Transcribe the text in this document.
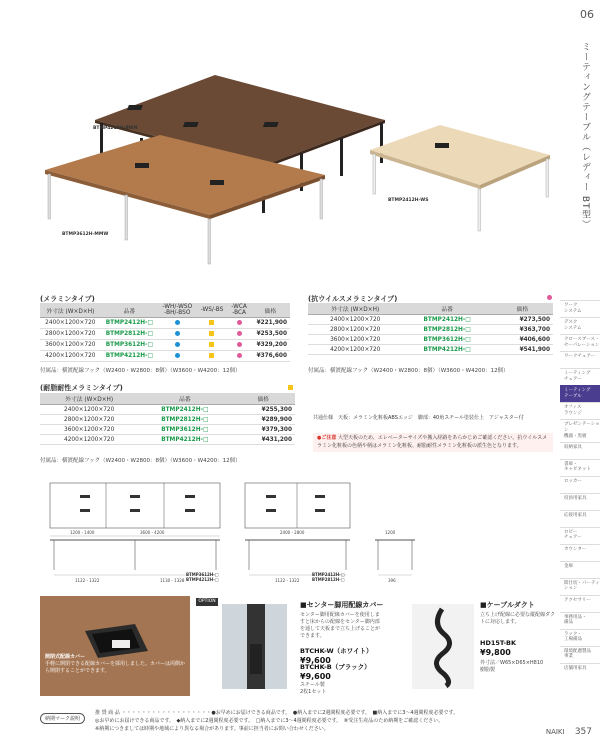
06
ミーティングテーブル（レディー BT型）
BTMP4212H-BWN
BTMP3612H-MMW
BTMP2412H-WS
ワーク
システム
デスク
システム
クロースブース・
セーパレーション
ワークチェアー
ミーティング
チェアー
ミーティング
テーブル
オフィス
ラウンジ
プレゼンテーション
機器・黒板
収納家具
書庫・
キャビネット
ロッカー
役員用家具
応接用家具
ロビー
チェアー
カウンター
金庫
間仕切・パーティ
ション
アクセサリー
事務用品・
備品
ラック・
工場備品
環境配慮製品
事業
店舗用家具
(メラミンタイプ)
外寸法 (W×D×H)	品番	-WH/-WSO
-BH/-BSO	-WS/-BS	-WCA
-BCA	価格
2400×1200×720	BTMP2412H-□				¥221,900
2800×1200×720	BTMP2812H-□				¥253,500
3600×1200×720	BTMP3612H-□				¥329,200
4200×1200×720	BTMP4212H-□				¥376,600
付属品：横渡配線フック（W2400・W2800：8個）（W3600・W4200：12個）
(抗ウイルスメラミンタイプ)
外寸法 (W×D×H)	品番	価格
2400×1200×720	BTMP2412H-□	¥273,500
2800×1200×720	BTMP2812H-□	¥363,700
3600×1200×720	BTMP3612H-□	¥406,600
4200×1200×720	BTMP4212H-□	¥541,900
付属品：横渡配線フック（W2400・W2800：8個）（W3600・W4200：12個）
(耐脂耐性メラミンタイプ)
外寸法 (W×D×H)	品番	価格
2400×1200×720	BTMP2412H-□	¥255,300
2800×1200×720	BTMP2812H-□	¥289,900
3600×1200×720	BTMP3612H-□	¥379,300
4200×1200×720	BTMP4212H-□	¥431,200
付属品：横渡配線フック（W2400・W2800：8個）（W3600・W4200：12個）
共通仕様　天板：メラミン化粧板ABSエッジ　脚部：40角スチール塗装仕上　アジャスター付
●ご注意 大型天板のため、エレベーターサイズや搬入経路をあらかじめご確認ください。抗ウイルスメラミン化粧板の色柄や柄はメラミン化粧板、耐脂耐性メラミン化粧板の派生色となります。
1200・1400	3600・4200
1122・1322	1130・1328
2400・2800	1200
1122・1322	396
BTMP3612H-□
BTMP4212H-□
BTMP2412H-□
BTMP2812H-□
開閉式配線カバー
手軽に開閉できる配線カバーを採用しました。カバーは両側から開閉することができます。
OPTION	■センター脚用配線カバー
センター脚用配線カバーを使用しますと床からの配線をセンター脚内部を通して天板まで立ち上げることができます。
BTCHK-W（ホワイト）
¥9,600
BTCHK-B（ブラック）
¥9,600
スチール製
2枚1セット
■ケーブルダクト
立ち上げ配線に必要な縦配線ダクトに対応します。
HD15T-BK
¥9,800
外寸法／W65×D65×H810
樹脂製
納期マーク説明
推 奨 商 品 ・・・・・・・・・・・・・・・・・・●お早めにお届けできる商品です。　●納入までに2週間程度必要です。　■納入までに3～4週間程度必要です。
◎お早めにお届けできる商品です。　◆納入までに2週間程度必要です。　□納入までに3～4週間程度必要です。　⑧受注生産品のため納期をご確認ください。
※納期につきましては時期や地域により異なる場合があります。事前に担当者にお問い合わせください。	NAIKI 357
